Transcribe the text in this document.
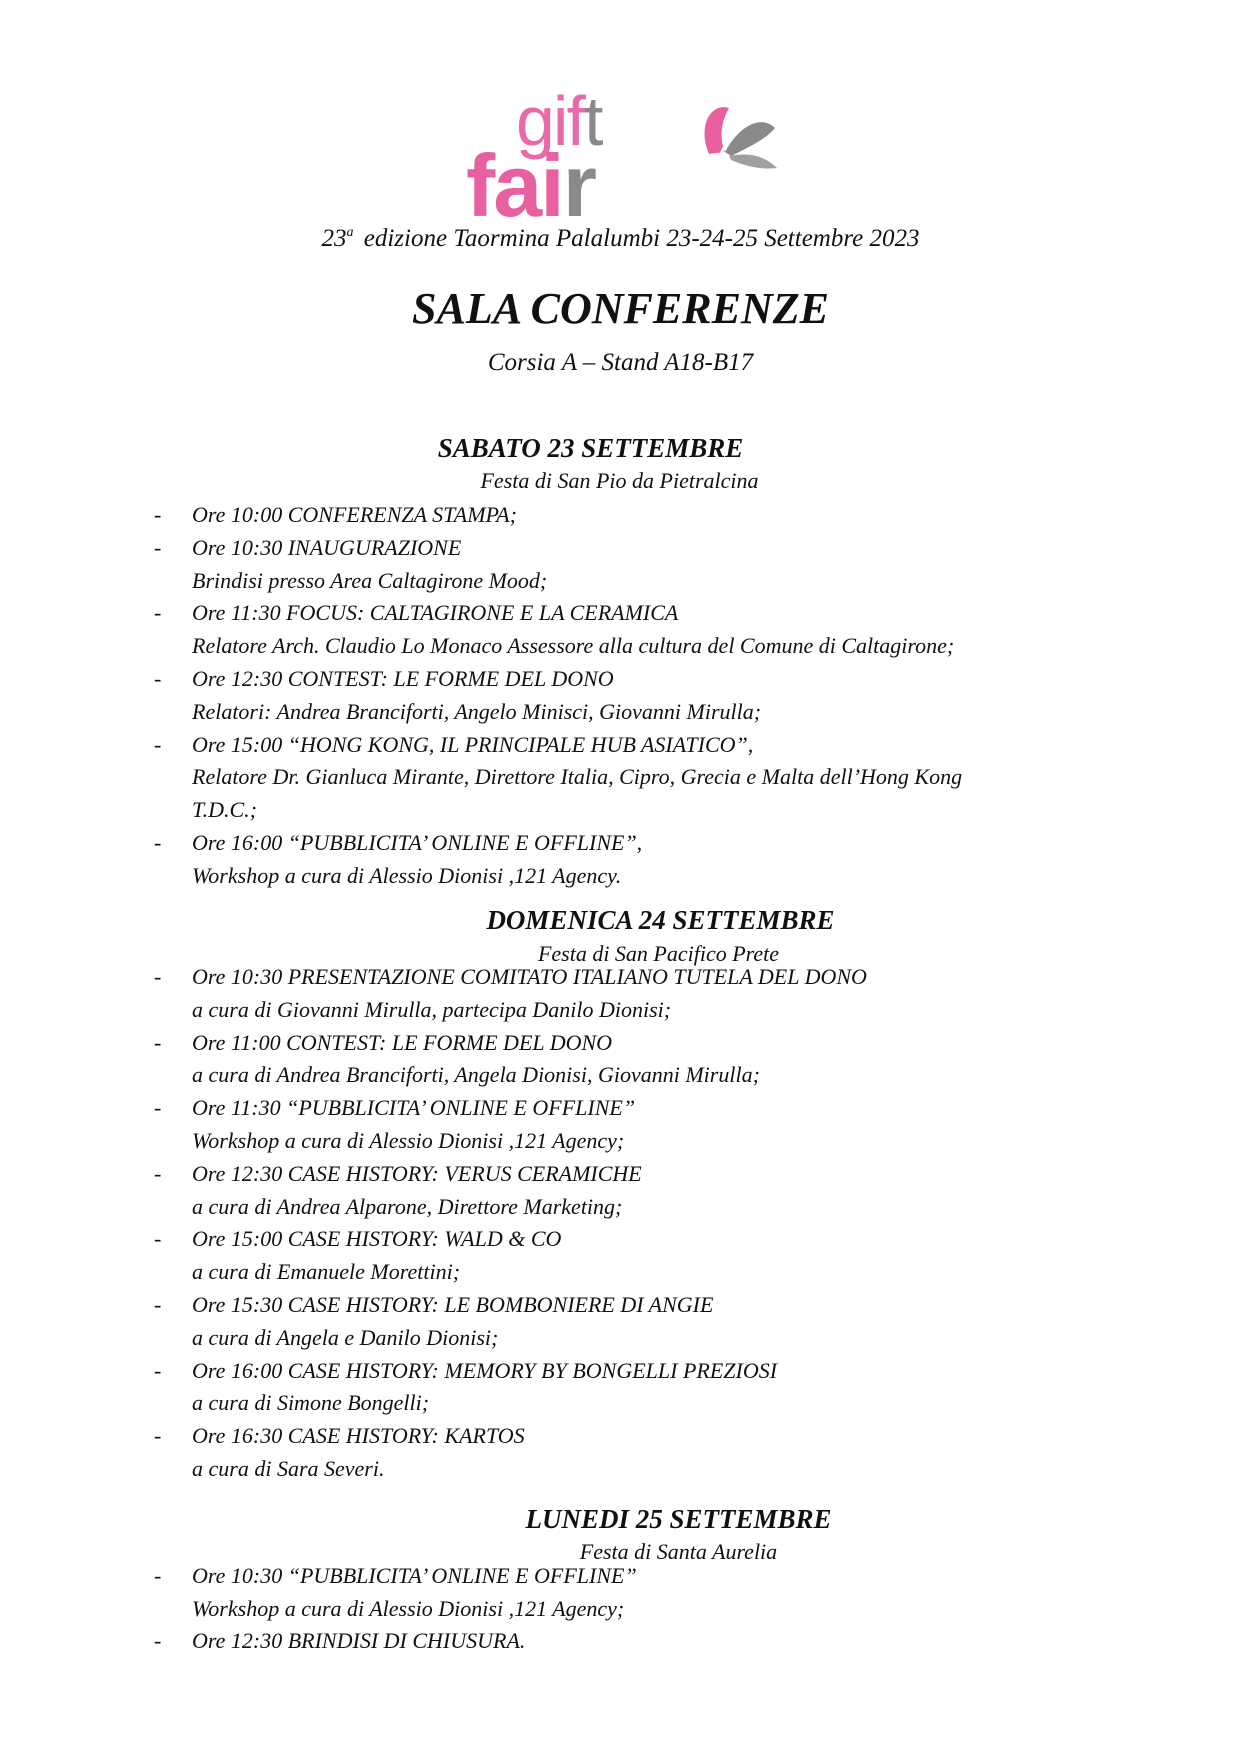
gift
fair
23$^a$ edizione Taormina Palalumbi 23-24-25 Settembre 2023
SALA CONFERENZE
Corsia A – Stand A18-B17
SABATO 23 SETTEMBRE
Festa di San Pio da Pietralcina
- Ore 10:00 CONFERENZA STAMPA;
- Ore 10:30 INAUGURAZIONE
Brindisi presso Area Caltagirone Mood;
- Ore 11:30 FOCUS: CALTAGIRONE E LA CERAMICA
Relatore Arch. Claudio Lo Monaco Assessore alla cultura del Comune di Caltagirone;
- Ore 12:30 CONTEST: LE FORME DEL DONO
Relatori: Andrea Branciforti, Angelo Minisci, Giovanni Mirulla;
- Ore 15:00 “HONG KONG, IL PRINCIPALE HUB ASIATICO”,
Relatore Dr. Gianluca Mirante, Direttore Italia, Cipro, Grecia e Malta dell’Hong Kong
T.D.C.;
- Ore 16:00 “PUBBLICITA’ ONLINE E OFFLINE”,
Workshop a cura di Alessio Dionisi ,121 Agency.
DOMENICA 24 SETTEMBRE
Festa di San Pacifico Prete
- Ore 10:30 PRESENTAZIONE COMITATO ITALIANO TUTELA DEL DONO
a cura di Giovanni Mirulla, partecipa Danilo Dionisi;
- Ore 11:00 CONTEST: LE FORME DEL DONO
a cura di Andrea Branciforti, Angela Dionisi, Giovanni Mirulla;
- Ore 11:30 “PUBBLICITA’ ONLINE E OFFLINE”
Workshop a cura di Alessio Dionisi ,121 Agency;
- Ore 12:30 CASE HISTORY: VERUS CERAMICHE
a cura di Andrea Alparone, Direttore Marketing;
- Ore 15:00 CASE HISTORY: WALD & CO
a cura di Emanuele Morettini;
- Ore 15:30 CASE HISTORY: LE BOMBONIERE DI ANGIE
a cura di Angela e Danilo Dionisi;
- Ore 16:00 CASE HISTORY: MEMORY BY BONGELLI PREZIOSI
a cura di Simone Bongelli;
- Ore 16:30 CASE HISTORY: KARTOS
a cura di Sara Severi.
LUNEDI 25 SETTEMBRE
Festa di Santa Aurelia
- Ore 10:30 “PUBBLICITA’ ONLINE E OFFLINE”
Workshop a cura di Alessio Dionisi ,121 Agency;
- Ore 12:30 BRINDISI DI CHIUSURA.
